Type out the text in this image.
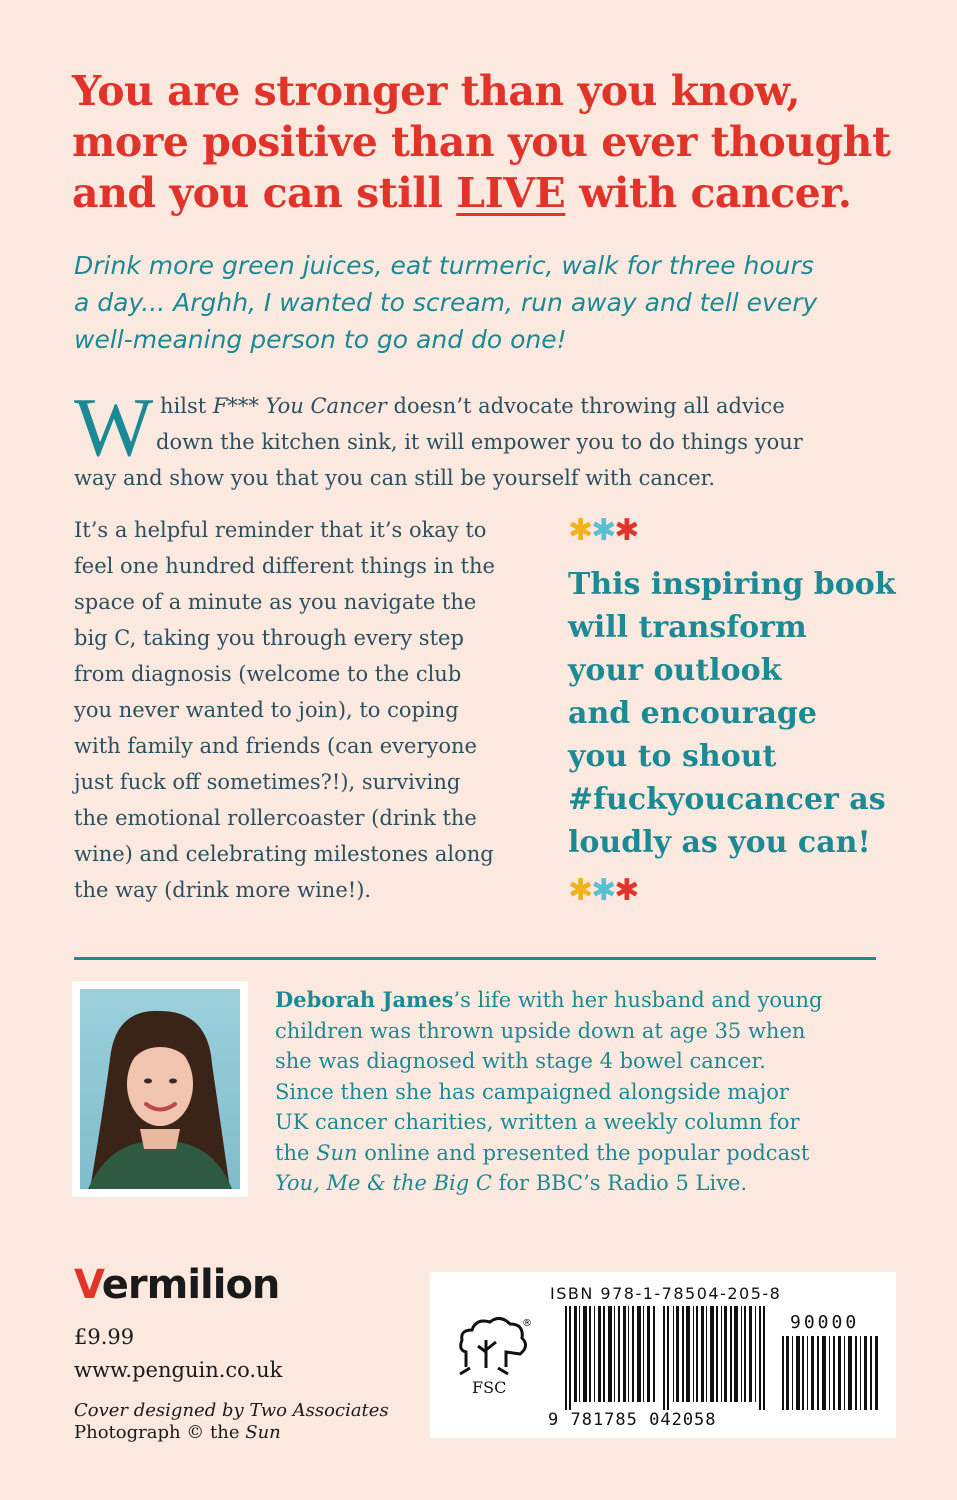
You are stronger than you know,
more positive than you ever thought
and you can still LIVE with cancer.
Drink more green juices, eat turmeric, walk for three hours
a day... Arghh, I wanted to scream, run away and tell every
well-meaning person to go and do one!
W hilst F*** You Cancer doesn’t advocate throwing all advice
down the kitchen sink, it will empower you to do things your
way and show you that you can still be yourself with cancer.
It’s a helpful reminder that it’s okay to
feel one hundred different things in the
space of a minute as you navigate the
big C, taking you through every step
from diagnosis (welcome to the club
you never wanted to join), to coping
with family and friends (can everyone
just fuck off sometimes?!), surviving
the emotional rollercoaster (drink the
wine) and celebrating milestones along
the way (drink more wine!).
✱✱✱
This inspiring book
will transform
your outlook
and encourage
you to shout
#fuckyoucancer as
loudly as you can!
✱✱✱
Deborah James’s life with her husband and young
children was thrown upside down at age 35 when
she was diagnosed with stage 4 bowel cancer.
Since then she has campaigned alongside major
UK cancer charities, written a weekly column for
the Sun online and presented the popular podcast
You, Me & the Big C for BBC’s Radio 5 Live.
Vermilion
£9.99
www.penguin.co.uk
Cover designed by Two Associates
Photograph © the Sun
ISBN 978-1-78504-205-8
®
FSC
90000
9 781785 042058
